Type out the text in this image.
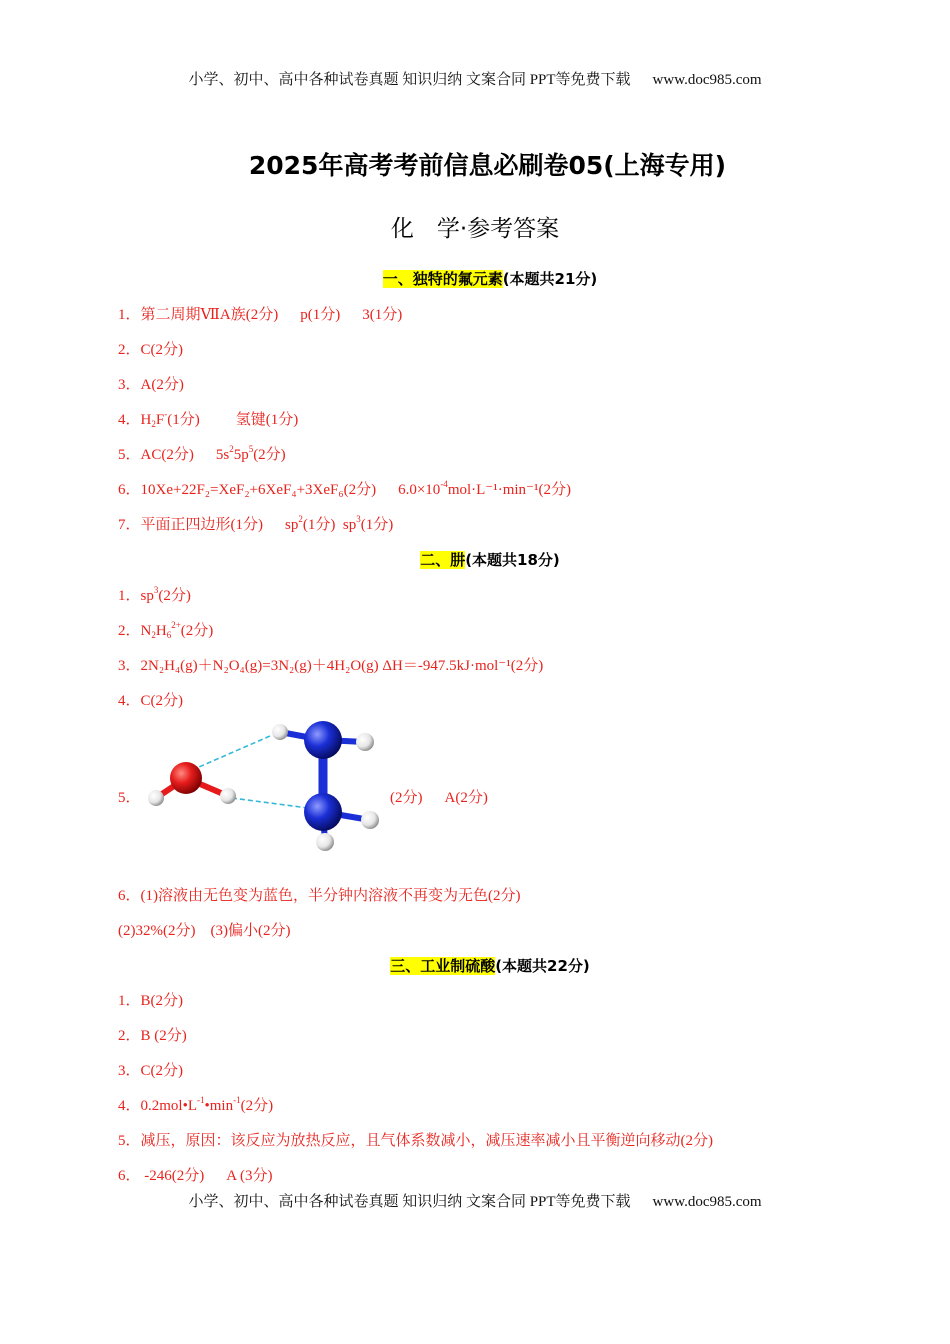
小学、初中、高中各种试卷真题 知识归纳 文案合同 PPT等免费下载 www.doc985.com
2025年高考考前信息必刷卷05(上海专用)
化　学·参考答案
一、独特的氟元素(本题共21分)
1．第二周期ⅦA族(2分) p(1分) 3(1分)
2．C(2分)
3．A(2分)
4．$H_2F^-(1$分) 氢键(1分)
5．AC(2分) $5s^25p^5(2$分)
6．10Xe+22F₂=XeF₂+6XeF₄+3XeF₆(2分) $6.0\times 10^{-4}mol\cdot L^{-1}\cdot\min^{-1}(2$分)
7．平面正四边形(1分) $sp^2(1$分) $sp^3(1$分)
二、肼(本题共18分)
1．$sp^3(2$分)
2．$N_2H_6^{2+}(2$分)
3．2N₂H₄(g)＋N₂O₄(g)=3N₂(g)＋4H₂O(g) ΔH＝-947.5kJ·mol⁻¹(2分)
4．C(2分)
5．	(2分) A(2分)
6．(1)溶液由无色变为蓝色，半分钟内溶液不再变为无色(2分)
(2)32%(2分)　(3)偏小(2分)
三、工业制硫酸(本题共22分)
1．B(2分)
2．B (2分)
3．C(2分)
4．$0.2mol•L^{-1}•\min^{-1}(2$分)
5．减压，原因：该反应为放热反应，且气体系数减小，减压速率减小且平衡逆向移动(2分)
6． -246(2分) A (3分)
小学、初中、高中各种试卷真题 知识归纳 文案合同 PPT等免费下载 www.doc985.com
